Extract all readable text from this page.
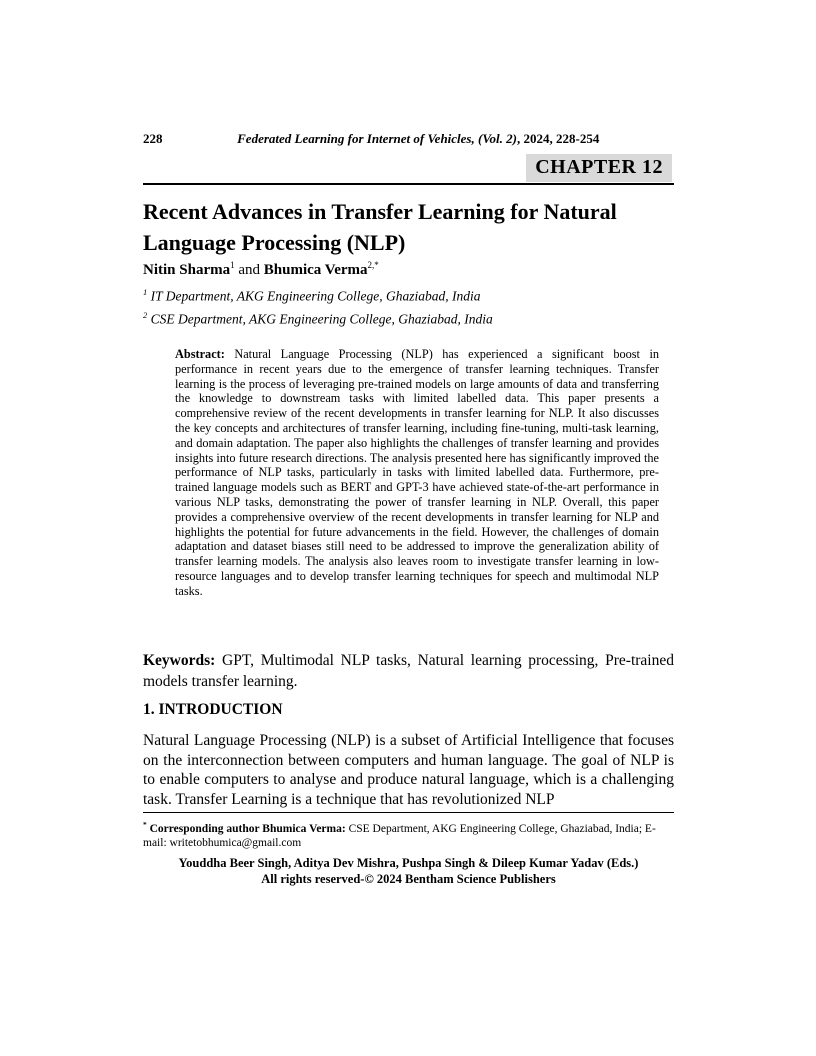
228	Federated Learning for Internet of Vehicles, (Vol. 2), 2024, 228-254
CHAPTER 12
Recent Advances in Transfer Learning for Natural Language Processing (NLP)
Nitin Sharma$^1$ and Bhumica Verma$^{2,*}$
$^1$ IT Department, AKG Engineering College, Ghaziabad, India
$^2$ CSE Department, AKG Engineering College, Ghaziabad, India

Abstract: Natural Language Processing (NLP) has experienced a significant boost in performance in recent years due to the emergence of transfer learning techniques. Transfer learning is the process of leveraging pre-trained models on large amounts of data and transferring the knowledge to downstream tasks with limited labelled data. This paper presents a comprehensive review of the recent developments in transfer learning for NLP. It also discusses the key concepts and architectures of transfer learning, including fine-tuning, multi-task learning, and domain adaptation. The paper also highlights the challenges of transfer learning and provides insights into future research directions. The analysis presented here has significantly improved the performance of NLP tasks, particularly in tasks with limited labelled data. Furthermore, pre-trained language models such as BERT and GPT-3 have achieved state-of-the-art performance in various NLP tasks, demonstrating the power of transfer learning in NLP. Overall, this paper provides a comprehensive overview of the recent developments in transfer learning for NLP and highlights the potential for future advancements in the field. However, the challenges of domain adaptation and dataset biases still need to be addressed to improve the generalization ability of transfer learning models. The analysis also leaves room to investigate transfer learning in low-resource languages and to develop transfer learning techniques for speech and multimodal NLP tasks.

Keywords: GPT, Multimodal NLP tasks, Natural learning processing, Pre-trained models transfer learning.

1. INTRODUCTION

Natural Language Processing (NLP) is a subset of Artificial Intelligence that focuses on the interconnection between computers and human language. The goal of NLP is to enable computers to analyse and produce natural language, which is a challenging task. Transfer Learning is a technique that has revolutionized NLP

* Corresponding author Bhumica Verma: CSE Department, AKG Engineering College, Ghaziabad, India; E-mail: writetobhumica@gmail.com
Youddha Beer Singh, Aditya Dev Mishra, Pushpa Singh & Dileep Kumar Yadav (Eds.)
All rights reserved-© 2024 Bentham Science Publishers
